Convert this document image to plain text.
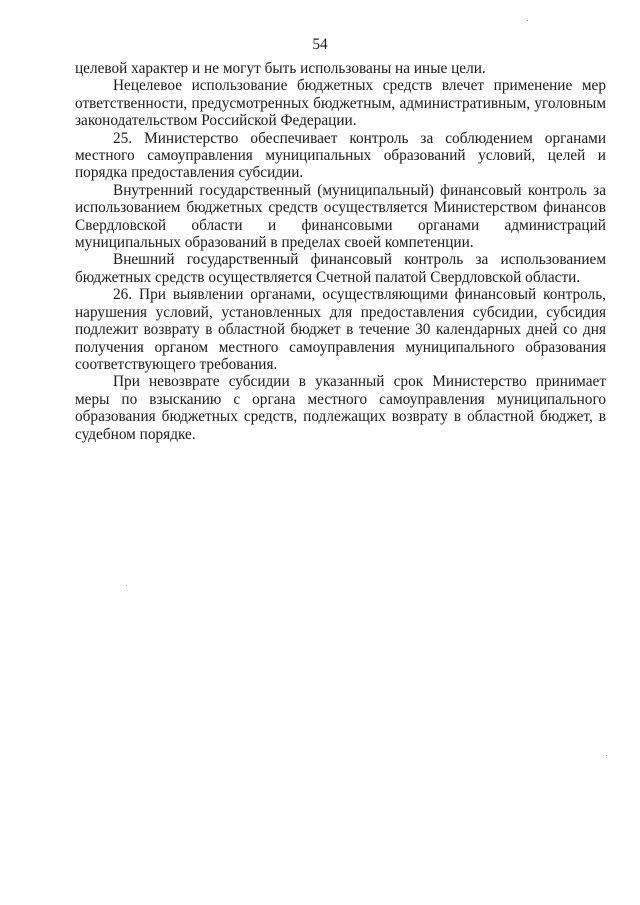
54

целевой характер и не могут быть использованы на иные цели.

Нецелевое использование бюджетных средств влечет применение мер ответственности, предусмотренных бюджетным, административным, уголовным законодательством Российской Федерации.

25. Министерство обеспечивает контроль за соблюдением органами местного самоуправления муниципальных образований условий, целей и порядка предоставления субсидии.

Внутренний государственный (муниципальный) финансовый контроль за использованием бюджетных средств осуществляется Министерством финансов Свердловской области и финансовыми органами администраций муниципальных образований в пределах своей компетенции.

Внешний государственный финансовый контроль за использованием бюджетных средств осуществляется Счетной палатой Свердловской области.

26. При выявлении органами, осуществляющими финансовый контроль, нарушения условий, установленных для предоставления субсидии, субсидия подлежит возврату в областной бюджет в течение 30 календарных дней со дня получения органом местного самоуправления муниципального образования соответствующего требования.

При невозврате субсидии в указанный срок Министерство принимает меры по взысканию с органа местного самоуправления муниципального образования бюджетных средств, подлежащих возврату в областной бюджет, в судебном порядке.
